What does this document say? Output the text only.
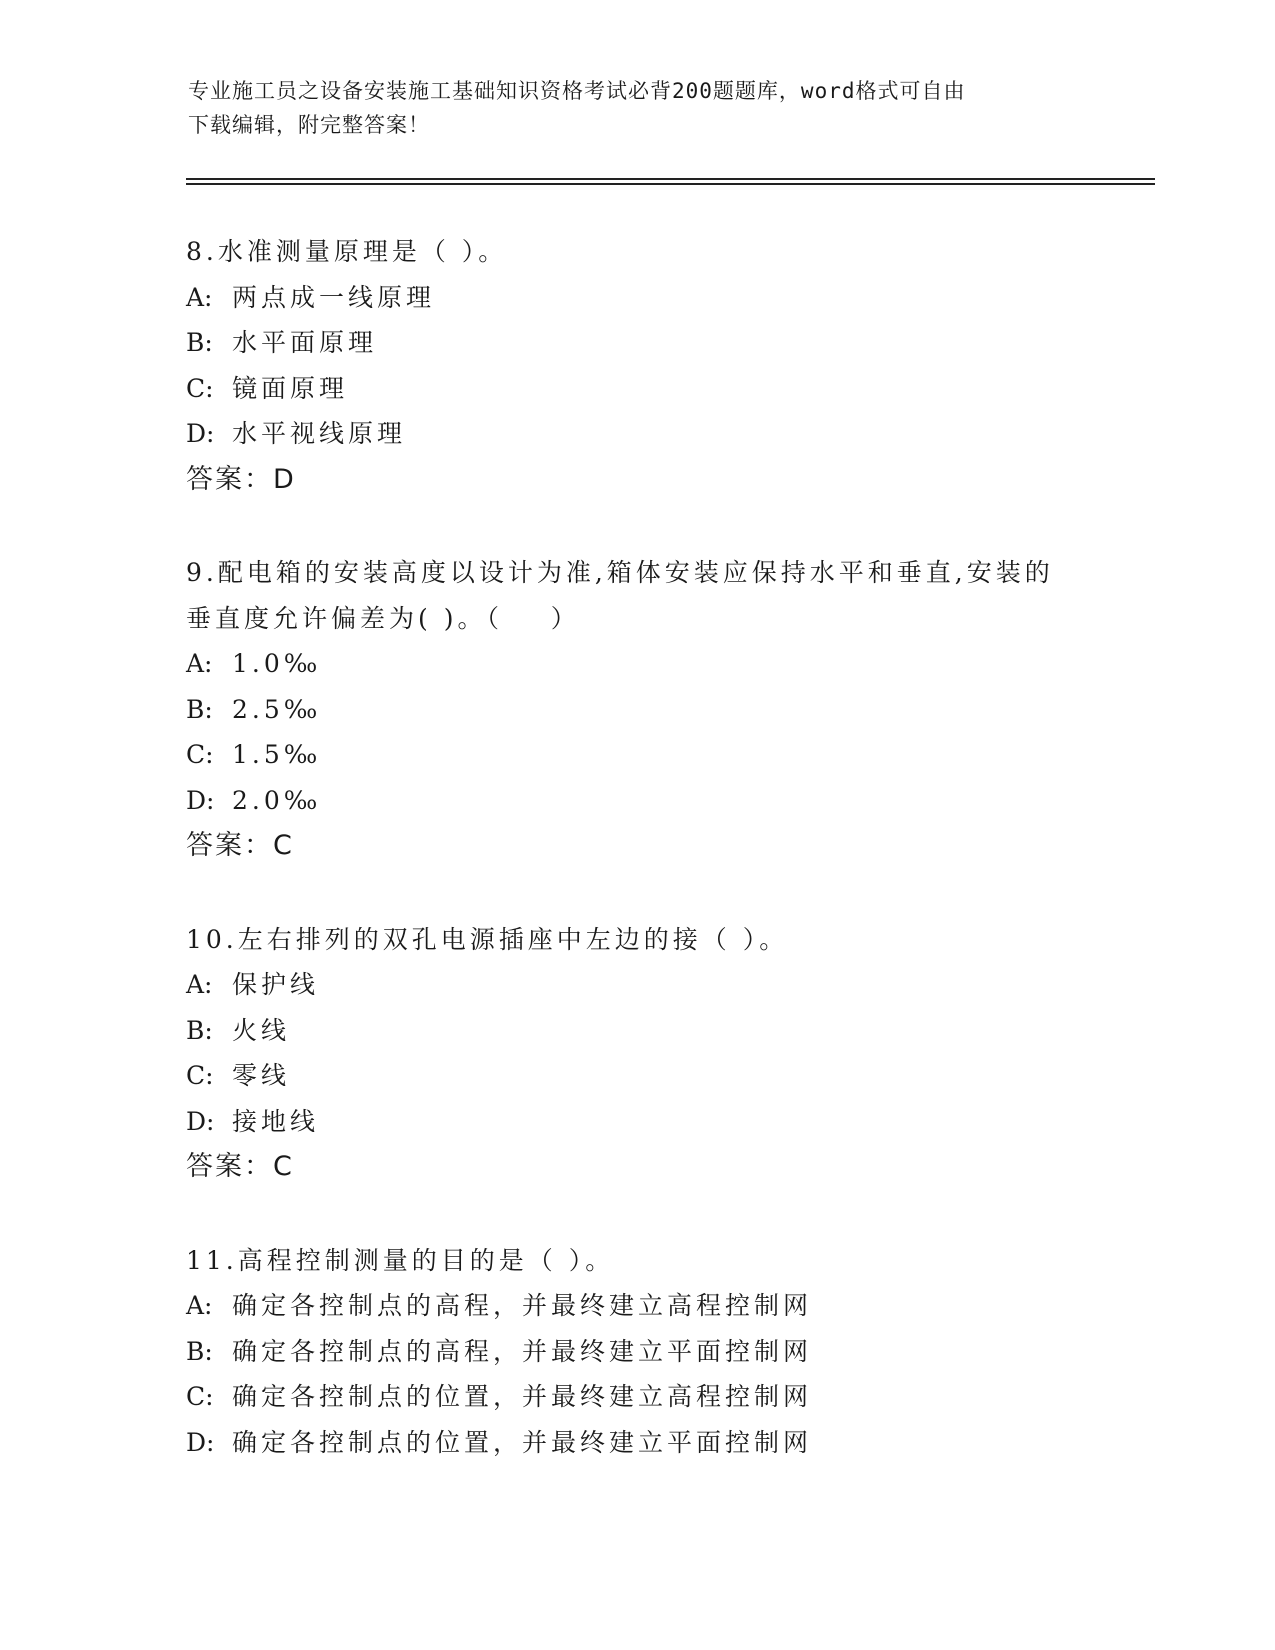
专业施工员之设备安装施工基础知识资格考试必背200题题库，word格式可自由
下载编辑，附完整答案！
8.水准测量原理是（ ）。
A: 两点成一线原理
B: 水平面原理
C: 镜面原理
D: 水平视线原理
答案：D
9.配电箱的安装高度以设计为准,箱体安装应保持水平和垂直,安装的
垂直度允许偏差为( )。（    ）
A: 1.0‰
B: 2.5‰
C: 1.5‰
D: 2.0‰
答案：C
10.左右排列的双孔电源插座中左边的接（ ）。
A: 保护线
B: 火线
C: 零线
D: 接地线
答案：C
11.高程控制测量的目的是（ ）。
A: 确定各控制点的高程，并最终建立高程控制网
B: 确定各控制点的高程，并最终建立平面控制网
C: 确定各控制点的位置，并最终建立高程控制网
D: 确定各控制点的位置，并最终建立平面控制网
